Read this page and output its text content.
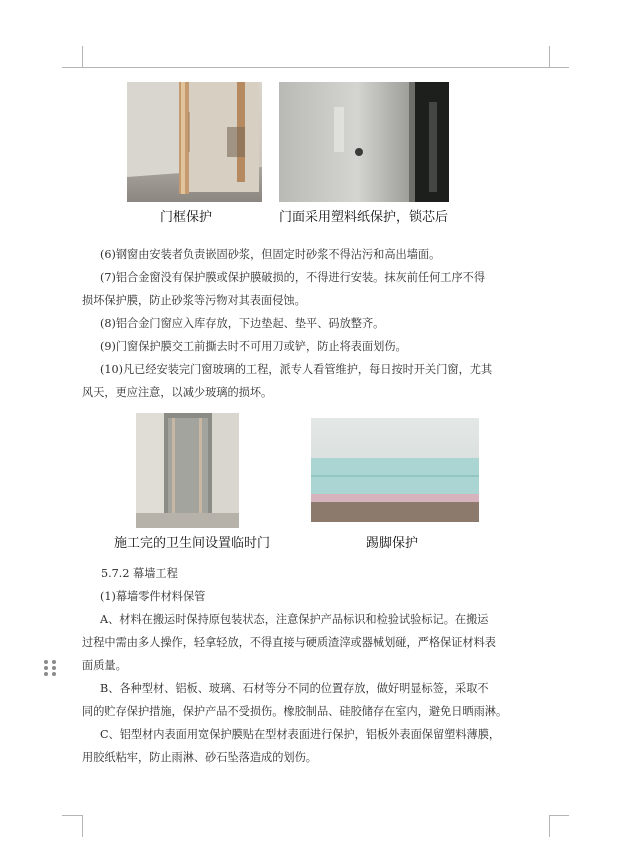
门框保护	门面采用塑料纸保护，锁芯后
(6)钢窗由安装者负责嵌固砂浆，但固定时砂浆不得沾污和高出墙面。
(7)铝合金窗没有保护膜或保护膜破损的，不得进行安装。抹灰前任何工序不得
损坏保护膜，防止砂浆等污物对其表面侵蚀。
(8)铝合金门窗应入库存放，下边垫起、垫平、码放整齐。
(9)门窗保护膜交工前撕去时不可用刀或铲，防止将表面划伤。
(10)凡已经安装完门窗玻璃的工程，派专人看管维护，每日按时开关门窗，尤其
风天，更应注意，以减少玻璃的损坏。
施工完的卫生间设置临时门	踢脚保护
5.7.2 幕墙工程
(1)幕墙零件材料保管
A、材料在搬运时保持原包装状态，注意保护产品标识和检验试验标记。在搬运
过程中需由多人操作，轻拿轻放，不得直接与硬质渣滓或器械划碰，严格保证材料表
面质量。
B、各种型材、铝板、玻璃、石材等分不同的位置存放，做好明显标签，采取不
同的贮存保护措施，保护产品不受损伤。橡胶制品、硅胶储存在室内，避免日晒雨淋。
C、铝型材内表面用宽保护膜贴在型材表面进行保护，铝板外表面保留塑料薄膜，
用胶纸粘牢，防止雨淋、砂石坠落造成的划伤。
